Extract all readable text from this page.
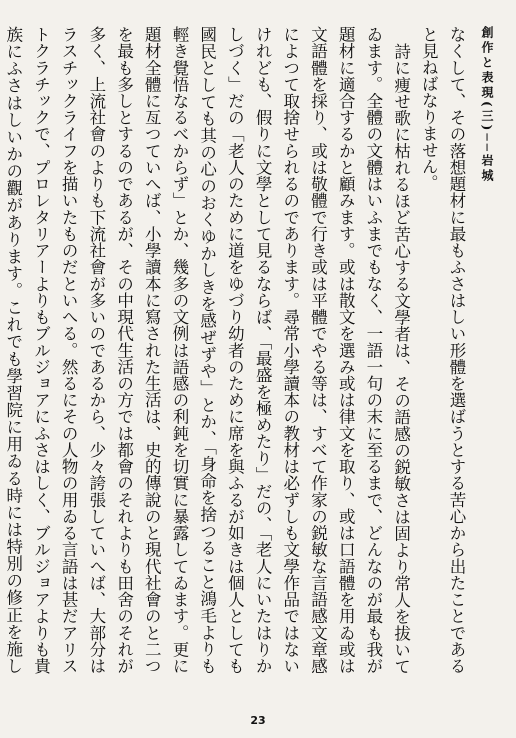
創作と表現(三)──岩城

なくして、その落想題材に最もふさはしい形體を選ばうとする苦心から出たことであると見ねばなりません。

詩に痩せ歌に枯れるほど苦心する文學者は、その語感の鋭敏さは固より常人を拔いてゐます。全體の文體はいふまでもなく、一語一句の末に至るまで、どんなのが最も我が題材に適合するかと顧みます。或は散文を選み或は律文を取り、或は口語體を用ゐ或は文語體を採り、或は敬體で行き或は平體でやる等は、すべて作家の鋭敏な言語感文章感によつて取捨せられるのであります。尋常小學讀本の教材は必ずしも文學作品ではないけれども、假りに文學として見るならば、「最盛を極めたり」だの、「老人にいたはりかしづく」だの「老人のために道をゆづり幼者のために席を與ふるが如きは個人としても國民としても其の心のおくゆかしきを感ぜずや」とか、「身命を捨つること鴻毛よりも輕き覺悟なるべからず」とか、幾多の文例は語感の利鈍を切實に暴露してゐます。更に題材全體に亙つていへば、小學讀本に寫された生活は、史的傳說のと現代社會のと二つを最も多しとするのであるが、その中現代生活の方では都會のそれよりも田舍のそれが多く、上流社會のよりも下流社會が多いのであるから、少々誇張していへば、大部分はラスチックライフを描いたものだといへる。然るにその人物の用ゐる言語は甚だアリストクラチックで、プロレタリアーよりもブルジョアにふさはしく、ブルジョアよりも貴族にふさはしいかの觀があります。これでも學習院に用ゐる時には特別の修正を施し

23
